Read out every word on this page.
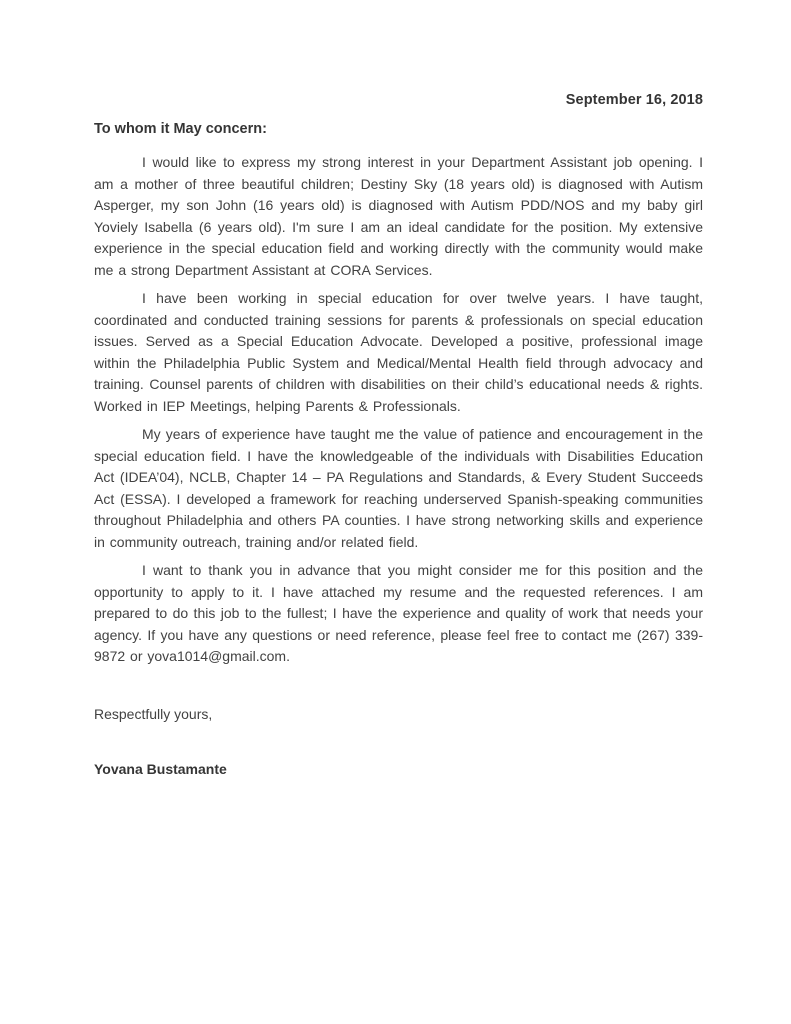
September 16, 2018
To whom it May concern:

I would like to express my strong interest in your Department Assistant job opening. I am a mother of three beautiful children; Destiny Sky (18 years old) is diagnosed with Autism Asperger, my son John (16 years old) is diagnosed with Autism PDD/NOS and my baby girl Yoviely Isabella (6 years old). I'm sure I am an ideal candidate for the position. My extensive experience in the special education field and working directly with the community would make me a strong Department Assistant at CORA Services.

I have been working in special education for over twelve years. I have taught, coordinated and conducted training sessions for parents & professionals on special education issues. Served as a Special Education Advocate. Developed a positive, professional image within the Philadelphia Public System and Medical/Mental Health field through advocacy and training. Counsel parents of children with disabilities on their child’s educational needs & rights. Worked in IEP Meetings, helping Parents & Professionals.

My years of experience have taught me the value of patience and encouragement in the special education field. I have the knowledgeable of the individuals with Disabilities Education Act (IDEA’04), NCLB, Chapter 14 – PA Regulations and Standards, & Every Student Succeeds Act (ESSA). I developed a framework for reaching underserved Spanish-speaking communities throughout Philadelphia and others PA counties. I have strong networking skills and experience in community outreach, training and/or related field.

I want to thank you in advance that you might consider me for this position and the opportunity to apply to it. I have attached my resume and the requested references. I am prepared to do this job to the fullest; I have the experience and quality of work that needs your agency. If you have any questions or need reference, please feel free to contact me (267) 339-9872 or yova1014@gmail.com.

Respectfully yours,
Yovana Bustamante
